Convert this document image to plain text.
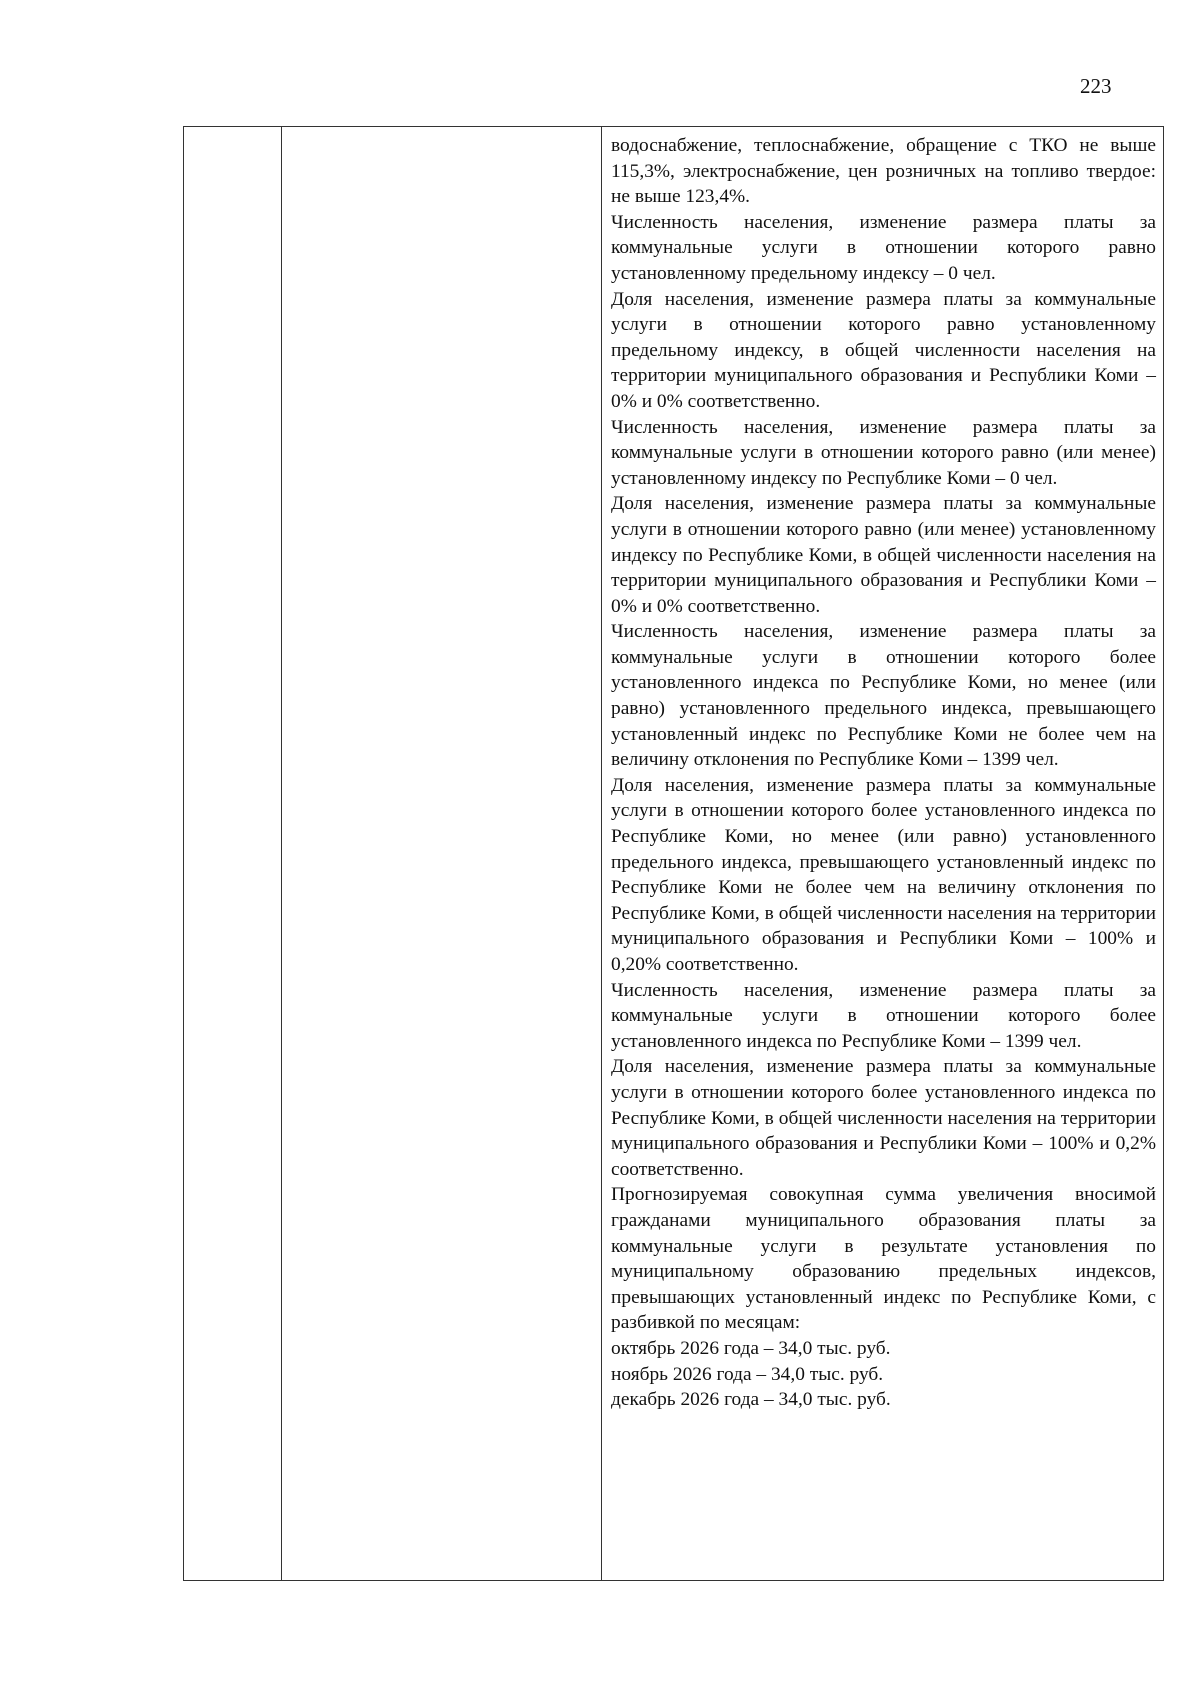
223

водоснабжение, теплоснабжение, обращение с ТКО не выше 115,3%, электроснабжение, цен розничных на топливо твердое: не выше 123,4%.

Численность населения, изменение размера платы за коммунальные услуги в отношении которого равно установленному предельному индексу – 0 чел.

Доля населения, изменение размера платы за коммунальные услуги в отношении которого равно установленному предельному индексу, в общей численности населения на территории муниципального образования и Республики Коми – 0% и 0% соответственно.

Численность населения, изменение размера платы за коммунальные услуги в отношении которого равно (или менее) установленному индексу по Республике Коми – 0 чел.

Доля населения, изменение размера платы за коммунальные услуги в отношении которого равно (или менее) установленному индексу по Республике Коми, в общей численности населения на территории муниципального образования и Республики Коми – 0% и 0% соответственно.

Численность населения, изменение размера платы за коммунальные услуги в отношении которого более установленного индекса по Республике Коми, но менее (или равно) установленного предельного индекса, превышающего установленный индекс по Республике Коми не более чем на величину отклонения по Республике Коми – 1399 чел.

Доля населения, изменение размера платы за коммунальные услуги в отношении которого более установленного индекса по Республике Коми, но менее (или равно) установленного предельного индекса, превышающего установленный индекс по Республике Коми не более чем на величину отклонения по Республике Коми, в общей численности населения на территории муниципального образования и Республики Коми – 100% и 0,20% соответственно.

Численность населения, изменение размера платы за коммунальные услуги в отношении которого более установленного индекса по Республике Коми – 1399 чел.

Доля населения, изменение размера платы за коммунальные услуги в отношении которого более установленного индекса по Республике Коми, в общей численности населения на территории муниципального образования и Республики Коми – 100% и 0,2% соответственно.

Прогнозируемая совокупная сумма увеличения вносимой гражданами муниципального образования платы за коммунальные услуги в результате установления по муниципальному образованию предельных индексов, превышающих установленный индекс по Республике Коми, с разбивкой по месяцам:

октябрь 2026 года – 34,0 тыс. руб.

ноябрь 2026 года – 34,0 тыс. руб.

декабрь 2026 года – 34,0 тыс. руб.
